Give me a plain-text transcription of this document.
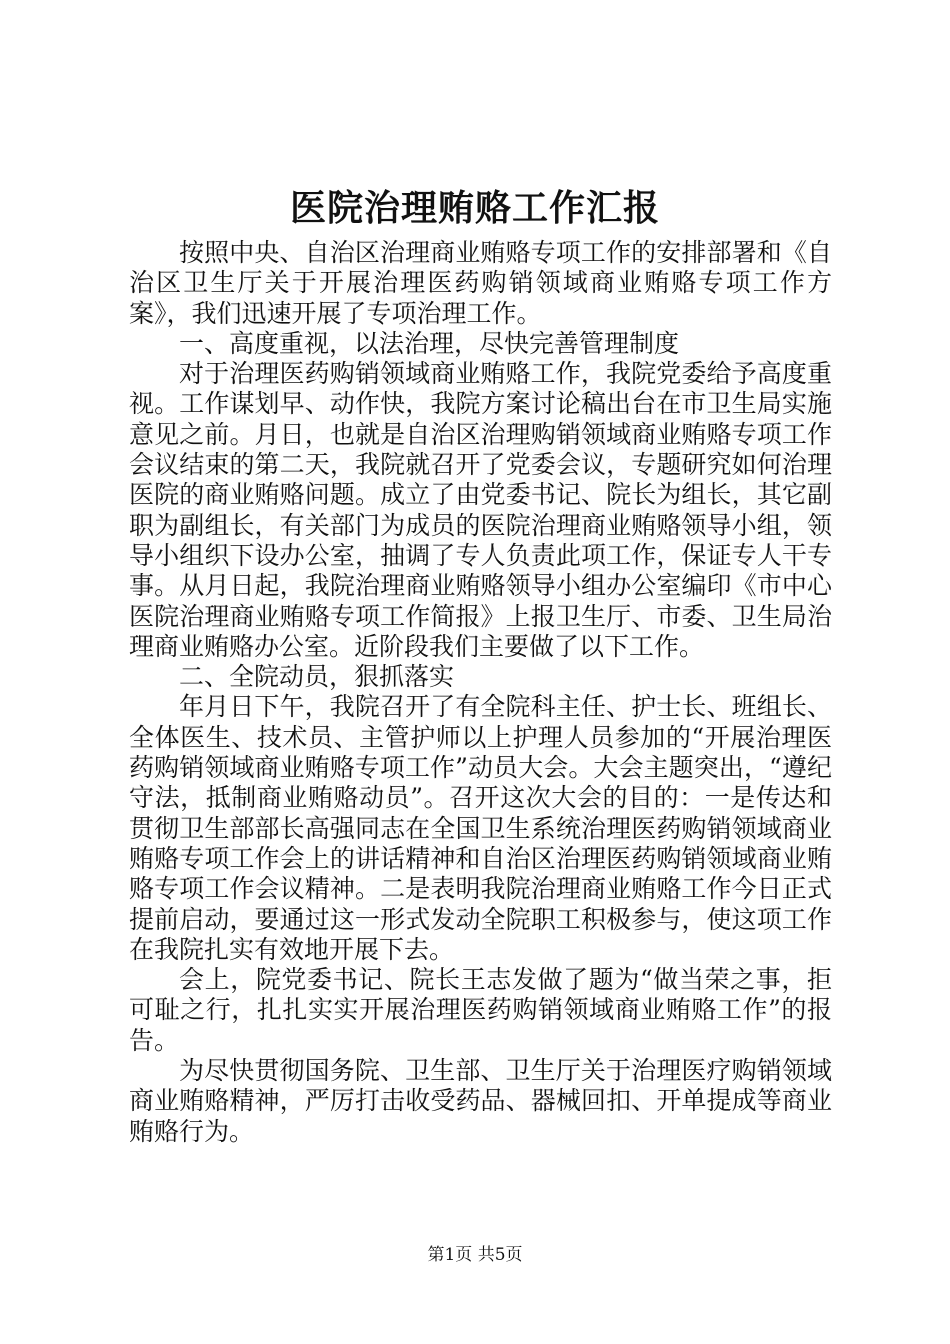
医院治理贿赂工作汇报

按照中央、自治区治理商业贿赂专项工作的安排部署和《自治区卫生厅关于开展治理医药购销领域商业贿赂专项工作方案》，我们迅速开展了专项治理工作。

一、高度重视，以法治理，尽快完善管理制度

对于治理医药购销领域商业贿赂工作，我院党委给予高度重视。工作谋划早、动作快，我院方案讨论稿出台在市卫生局实施意见之前。月日，也就是自治区治理购销领域商业贿赂专项工作会议结束的第二天，我院就召开了党委会议，专题研究如何治理医院的商业贿赂问题。成立了由党委书记、院长为组长，其它副职为副组长，有关部门为成员的医院治理商业贿赂领导小组，领导小组织下设办公室，抽调了专人负责此项工作，保证专人干专事。从月日起，我院治理商业贿赂领导小组办公室编印《市中心医院治理商业贿赂专项工作简报》上报卫生厅、市委、卫生局治理商业贿赂办公室。近阶段我们主要做了以下工作。

二、全院动员，狠抓落实

年月日下午，我院召开了有全院科主任、护士长、班组长、全体医生、技术员、主管护师以上护理人员参加的“开展治理医药购销领域商业贿赂专项工作”动员大会。大会主题突出，“遵纪守法，抵制商业贿赂动员”。召开这次大会的目的：一是传达和贯彻卫生部部长高强同志在全国卫生系统治理医药购销领域商业贿赂专项工作会上的讲话精神和自治区治理医药购销领域商业贿赂专项工作会议精神。二是表明我院治理商业贿赂工作今日正式提前启动，要通过这一形式发动全院职工积极参与，使这项工作在我院扎实有效地开展下去。

会上，院党委书记、院长王志发做了题为“做当荣之事，拒可耻之行，扎扎实实开展治理医药购销领域商业贿赂工作”的报告。

为尽快贯彻国务院、卫生部、卫生厅关于治理医疗购销领域商业贿赂精神，严厉打击收受药品、器械回扣、开单提成等商业贿赂行为。

第1页 共5页
